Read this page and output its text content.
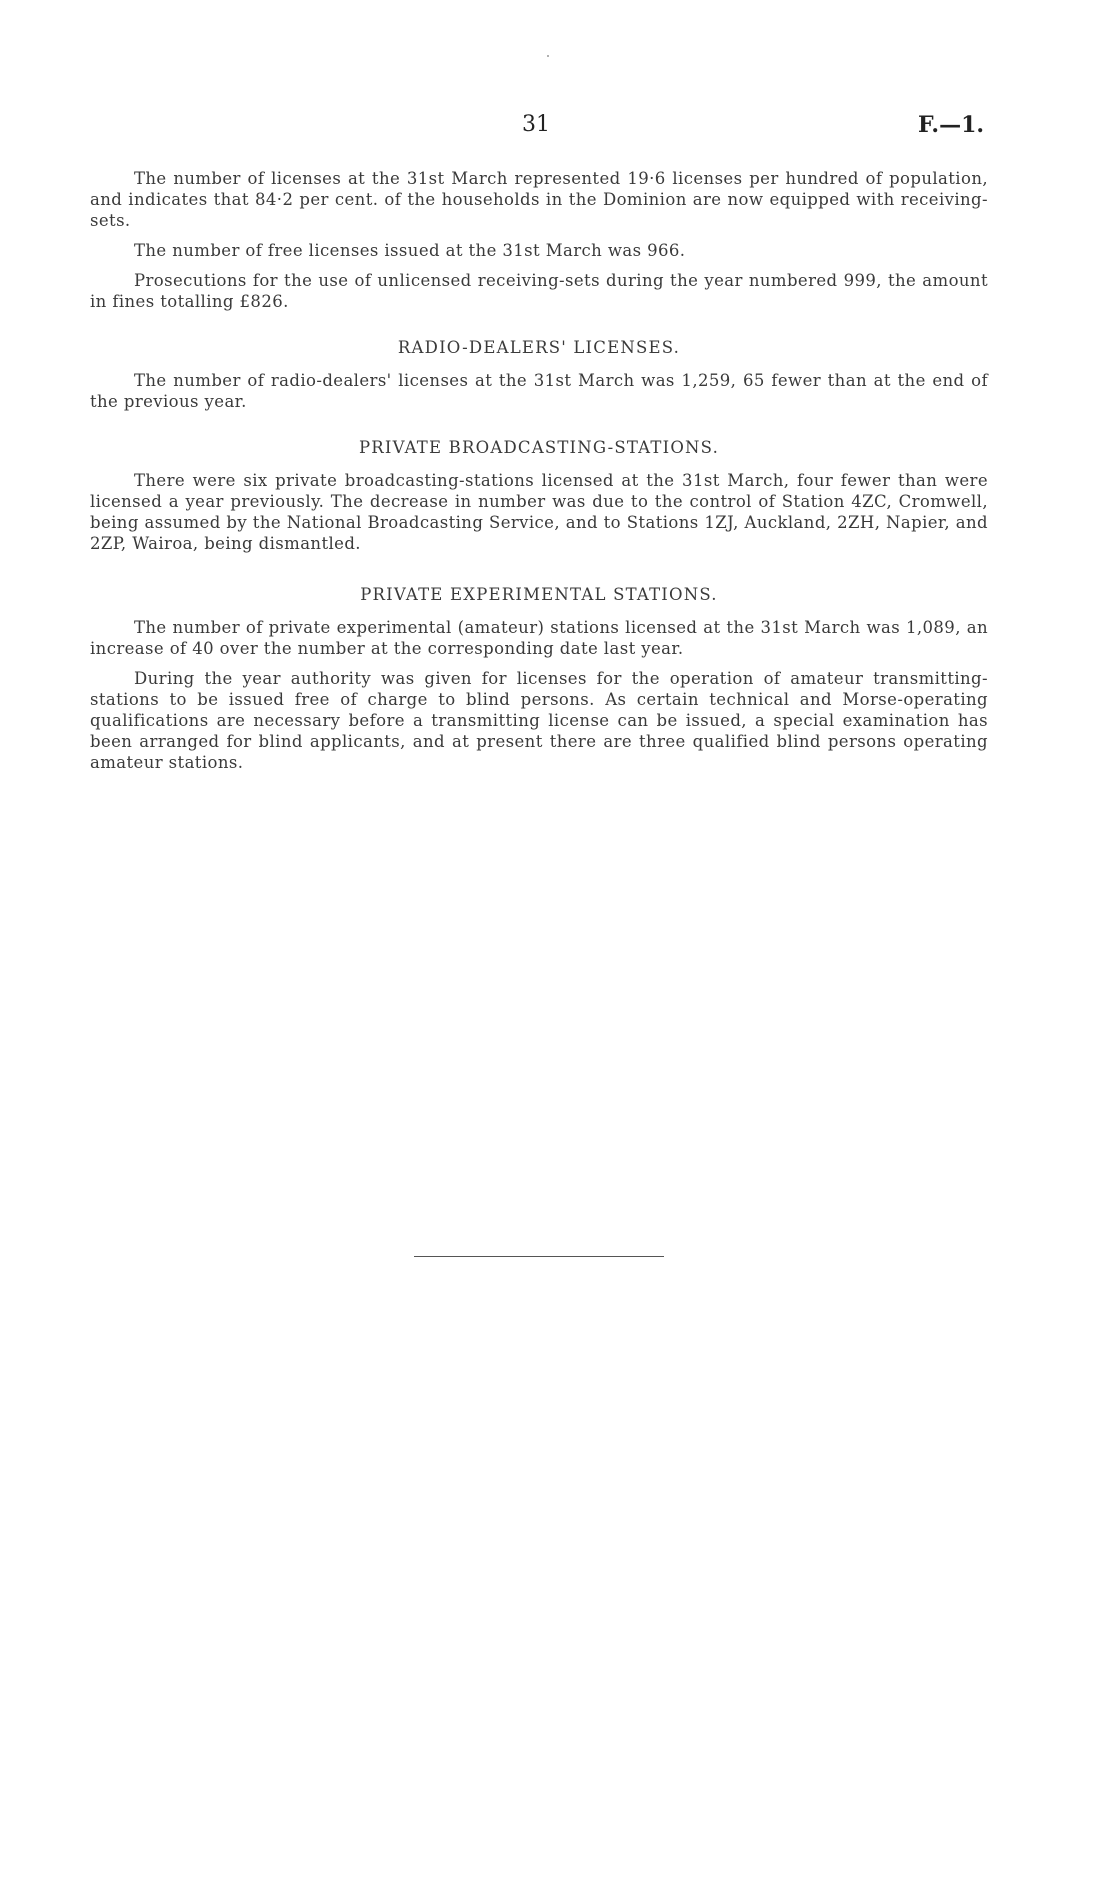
31	F.—1.

The number of licenses at the 31st March represented 19·6 licenses per hundred of population, and indicates that 84·2 per cent. of the households in the Dominion are now equipped with receiving-sets.

The number of free licenses issued at the 31st March was 966.

Prosecutions for the use of unlicensed receiving-sets during the year numbered 999, the amount in fines totalling £826.

RADIO-DEALERS' LICENSES.

The number of radio-dealers' licenses at the 31st March was 1,259, 65 fewer than at the end of the previous year.

PRIVATE BROADCASTING-STATIONS.

There were six private broadcasting-stations licensed at the 31st March, four fewer than were licensed a year previously. The decrease in number was due to the control of Station 4ZC, Cromwell, being assumed by the National Broadcasting Service, and to Stations 1ZJ, Auckland, 2ZH, Napier, and 2ZP, Wairoa, being dismantled.

PRIVATE EXPERIMENTAL STATIONS.

The number of private experimental (amateur) stations licensed at the 31st March was 1,089, an increase of 40 over the number at the corresponding date last year.

During the year authority was given for licenses for the operation of amateur transmitting-stations to be issued free of charge to blind persons. As certain technical and Morse-operating qualifications are necessary before a transmitting license can be issued, a special examination has been arranged for blind applicants, and at present there are three qualified blind persons operating amateur stations.
